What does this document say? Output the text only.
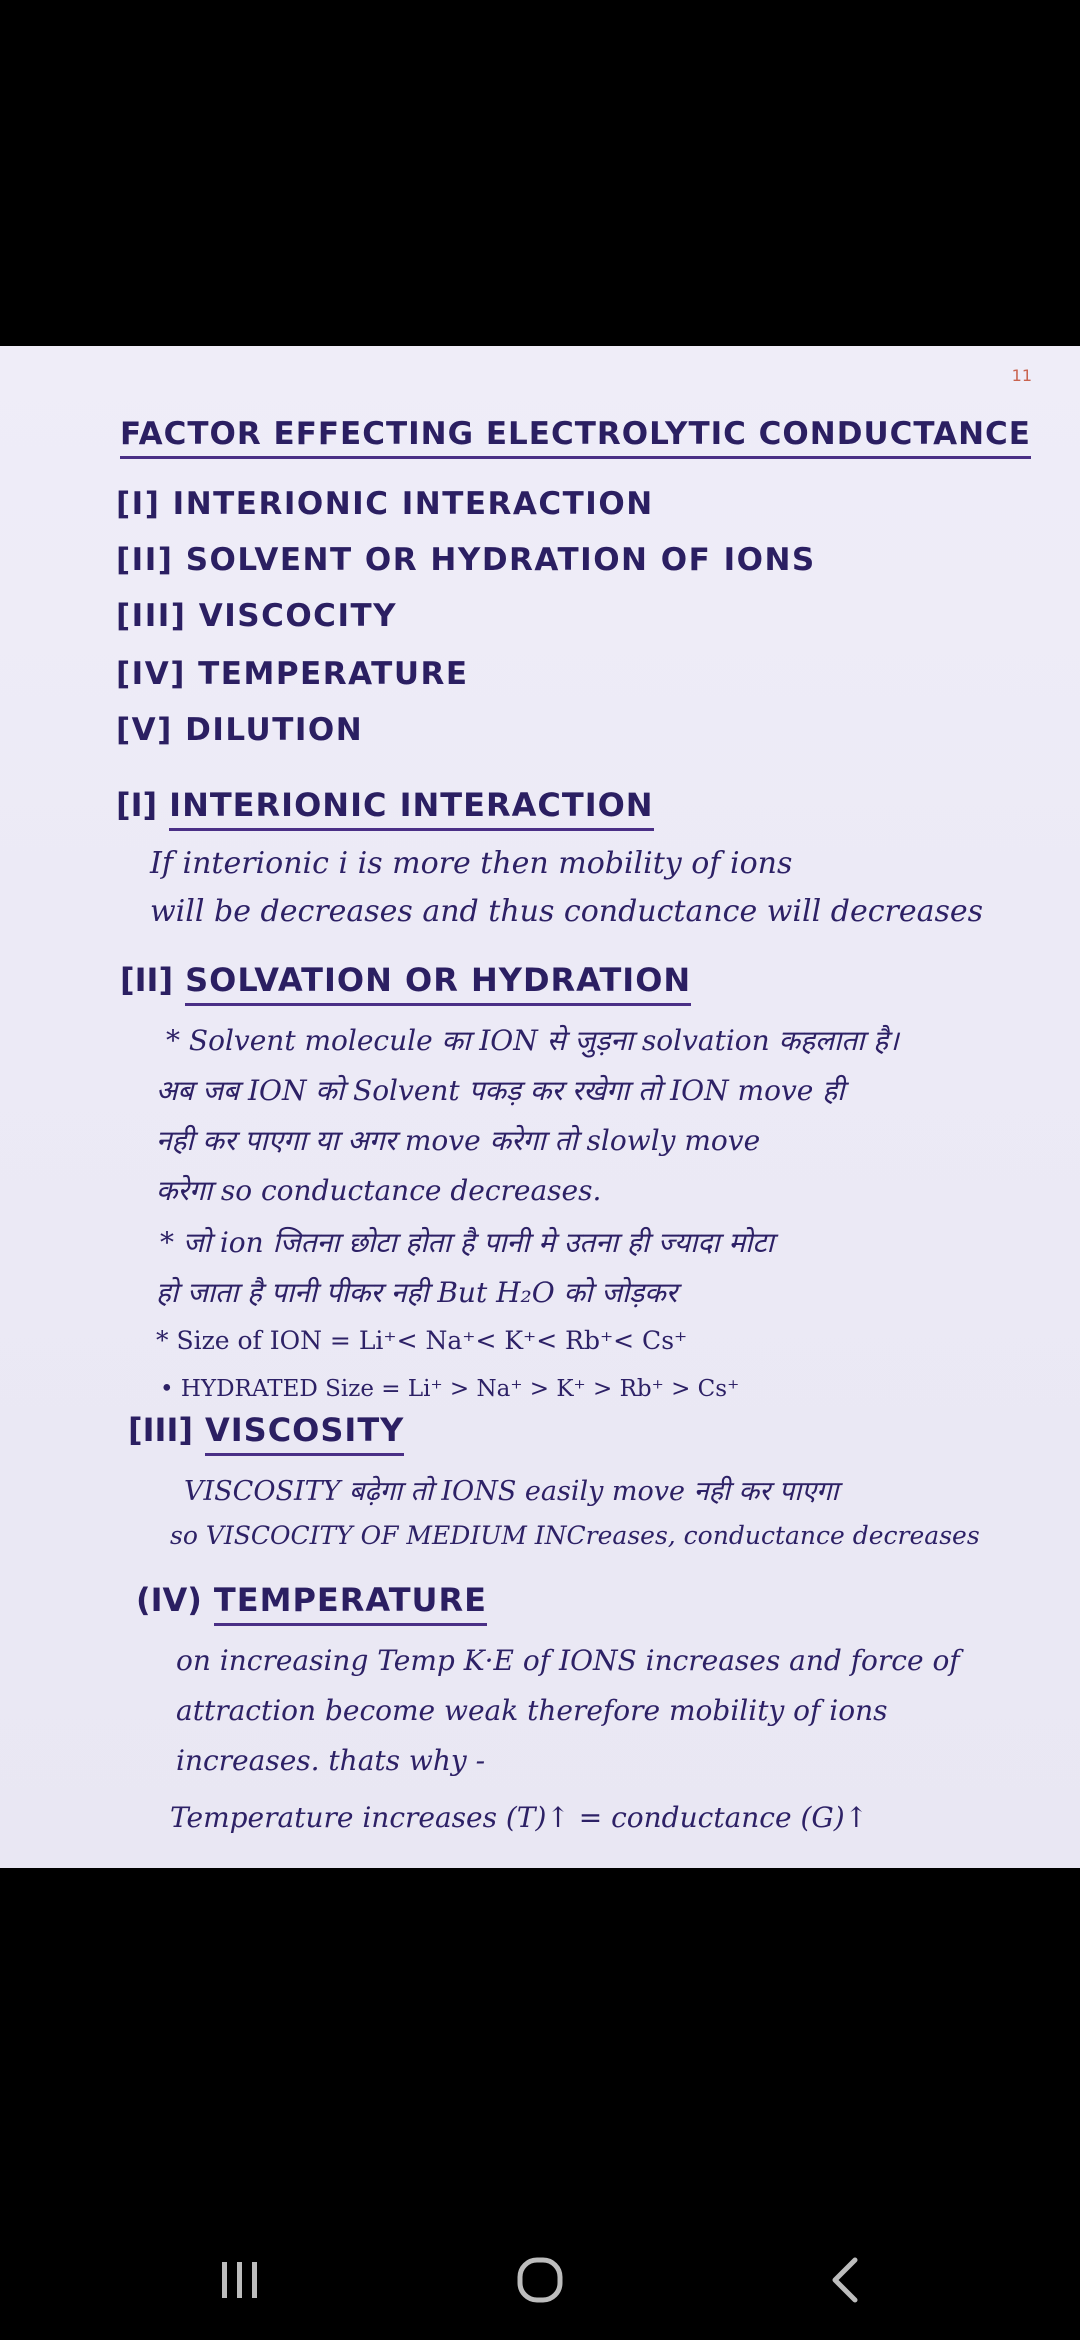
11
FACTOR EFFECTING ELECTROLYTIC CONDUCTANCE
[I] INTERIONIC INTERACTION
[II] SOLVENT OR HYDRATION OF IONS
[III] VISCOCITY
[IV] TEMPERATURE
[V] DILUTION
[I] INTERIONIC INTERACTION
If interionic i is more then mobility of ions
will be decreases and thus conductance will decreases
[II] SOLVATION OR HYDRATION
* Solvent molecule का ION से जुड़ना solvation कहलाता है।
अब जब ION को Solvent पकड़ कर रखेगा तो ION move ही
नही कर पाएगा या अगर move करेगा तो slowly move
करेगा so conductance decreases.
* जो ion जितना छोटा होता है पानी मे उतना ही ज्यादा मोटा
हो जाता है पानी पीकर नही But H₂O को जोड़कर
* Size of ION = Li⁺< Na⁺< K⁺< Rb⁺< Cs⁺
• HYDRATED Size = Li⁺ > Na⁺ > K⁺ > Rb⁺ > Cs⁺
[III] VISCOSITY
VISCOSITY बढ़ेगा तो IONS easily move नही कर पाएगा
so VISCOCITY OF MEDIUM INCreases, conductance decreases
(IV) TEMPERATURE
on increasing Temp K·E of IONS increases and force of
attraction become weak therefore mobility of ions
increases. thats why -
Temperature increases (T)↑ = conductance (G)↑
